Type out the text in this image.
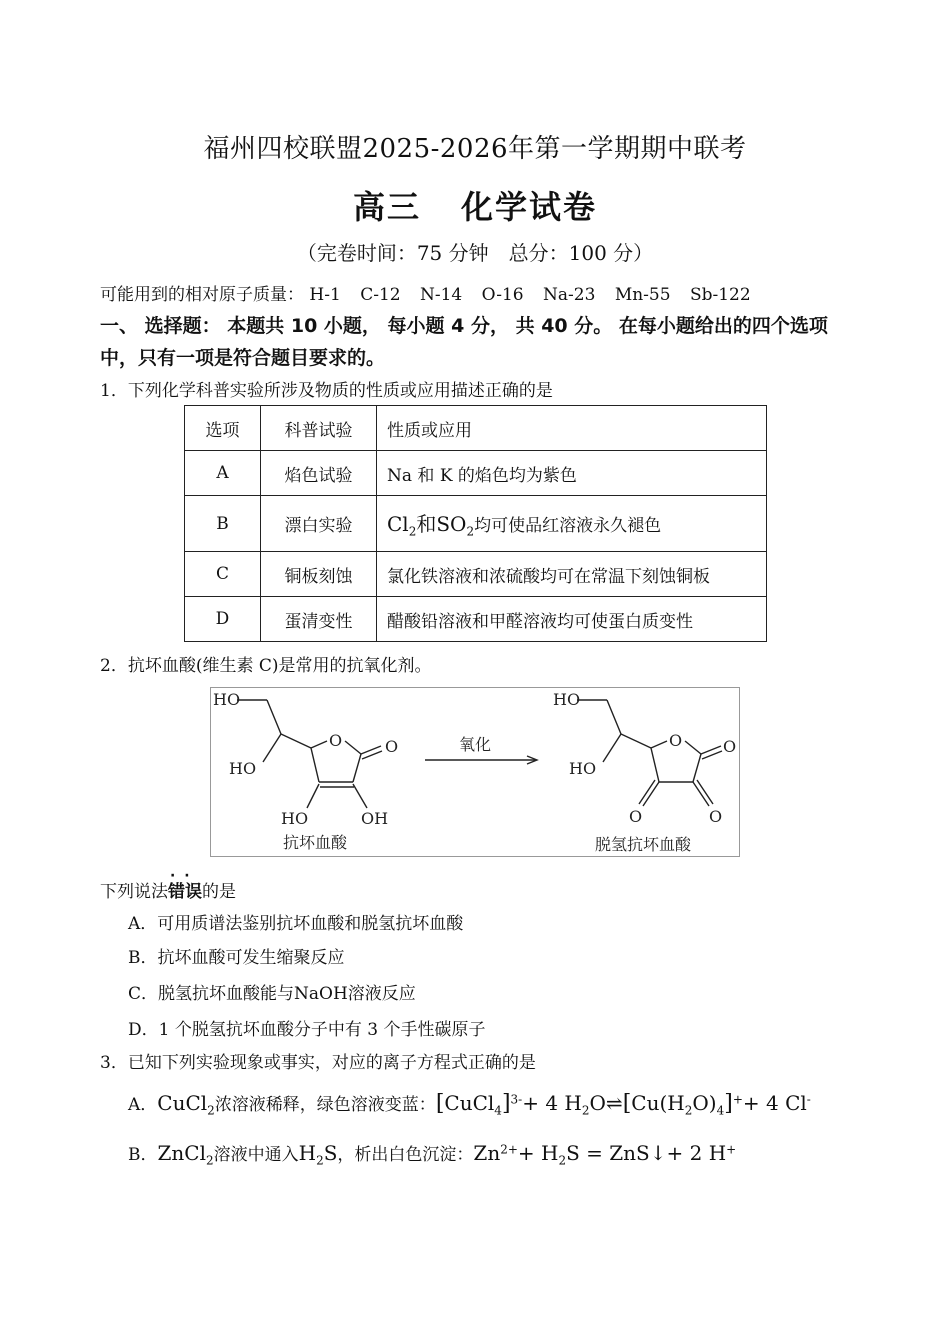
福州四校联盟2025-2026年第一学期期中联考
高三 化学试卷
（完卷时间：75 分钟　总分：100 分）
可能用到的相对原子质量： H-1 C-12 N-14 O-16 Na-23 Mn-55 Sb-122
一、 选择题： 本题共 10 小题， 每小题 4 分， 共 40 分。 在每小题给出的四个选项中，只有一项是符合题目要求的。
1．下列化学科普实验所涉及物质的性质或应用描述正确的是
选项	科普试验	性质或应用
A	焰色试验	Na 和 K 的焰色均为紫色
B	漂白实验	$Cl_2$和$SO_2$均可使品红溶液永久褪色
C	铜板刻蚀	氯化铁溶液和浓硫酸均可在常温下刻蚀铜板
D	蛋清变性	醋酸铅溶液和甲醛溶液均可使蛋白质变性
2．抗坏血酸(维生素 C)是常用的抗氧化剂。
HO
HO
O	O
HO	OH
抗坏血酸
氧化
HO
HO
O	O
O	O
脱氢抗坏血酸
下列说法· · 错误的是
A．可用质谱法鉴别抗坏血酸和脱氢抗坏血酸
B．抗坏血酸可发生缩聚反应
C．脱氢抗坏血酸能与NaOH溶液反应
D．1 个脱氢抗坏血酸分子中有 3 个手性碳原子
3．已知下列实验现象或事实，对应的离子方程式正确的是
A．CuCl$_2$浓溶液稀释，绿色溶液变蓝：[CuCl$_4$]$^{3-}$+ 4 $H_2O\rightleftharpoons[Cu(H_2O)_4]^++ 4$ Cl-
B．ZnCl$_2$溶液中通入$H_2S$，析出白色沉淀：$Zn^{2+}+ H_2S$ = ZnS↓+ 2 H+
